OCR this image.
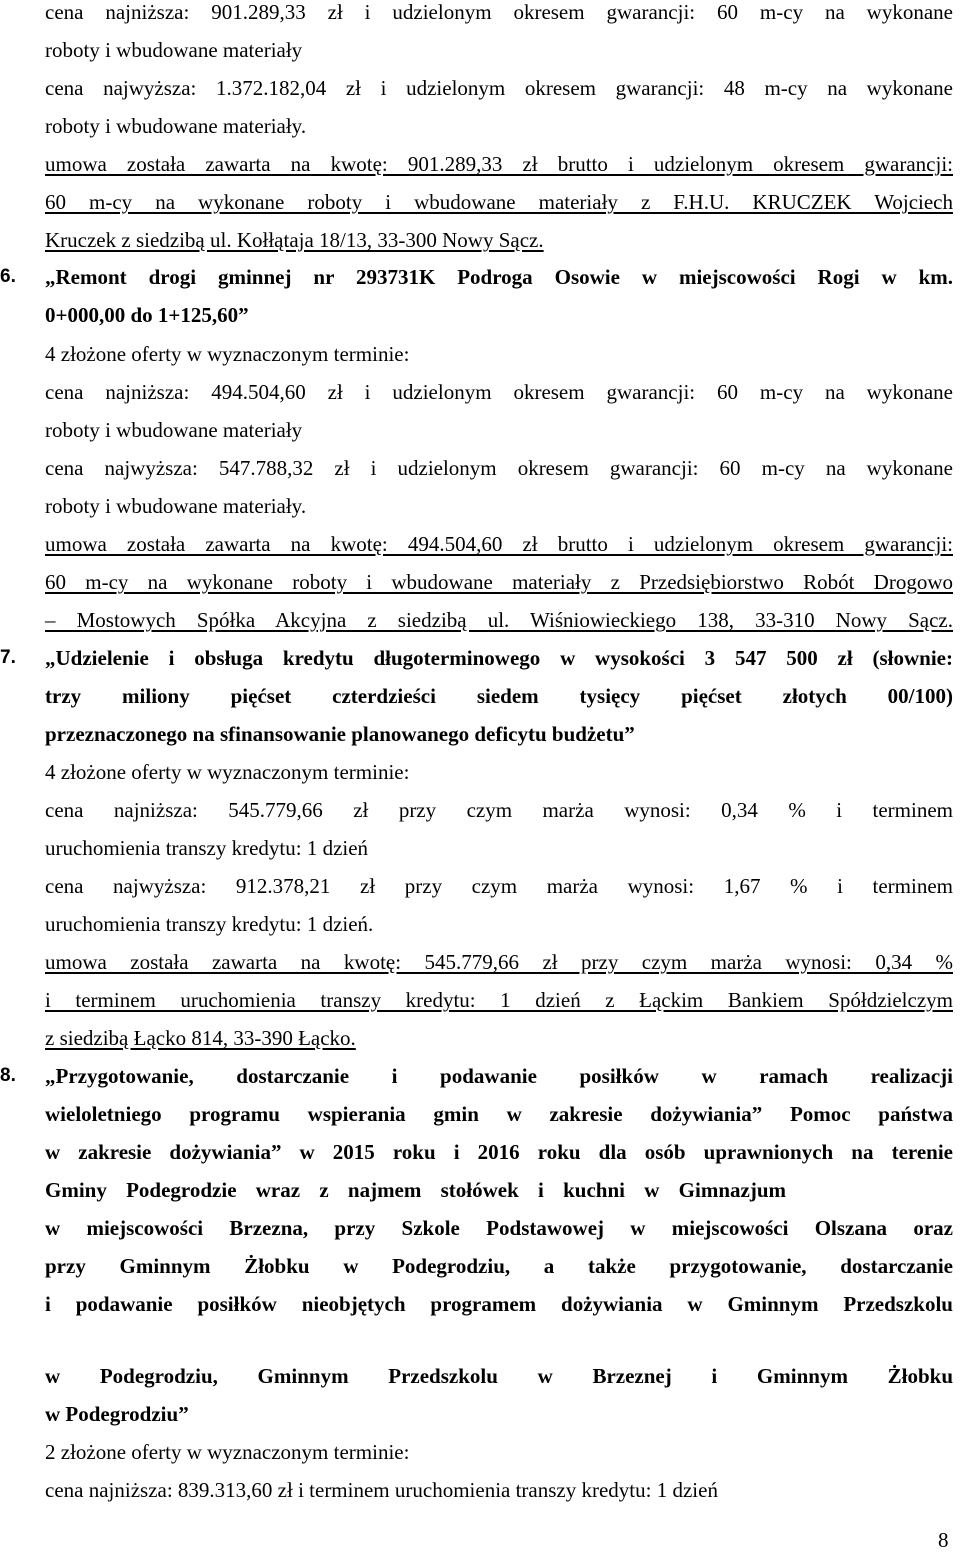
cena najniższa: 901.289,33 zł i udzielonym okresem gwarancji: 60 m-cy na wykonane
roboty i wbudowane materiały
cena najwyższa: 1.372.182,04 zł i udzielonym okresem gwarancji: 48 m-cy na wykonane
roboty i wbudowane materiały.
umowa została zawarta na kwotę: 901.289,33 zł brutto i udzielonym okresem gwarancji:
60 m-cy na wykonane roboty i wbudowane materiały z F.H.U. KRUCZEK Wojciech
Kruczek z siedzibą ul. Kołłątaja 18/13, 33-300 Nowy Sącz.
6.	„Remont drogi gminnej nr 293731K Podroga Osowie w miejscowości Rogi w km.
0+000,00 do 1+125,60”
4 złożone oferty w wyznaczonym terminie:
cena najniższa: 494.504,60 zł i udzielonym okresem gwarancji: 60 m-cy na wykonane
roboty i wbudowane materiały
cena najwyższa: 547.788,32 zł i udzielonym okresem gwarancji: 60 m-cy na wykonane
roboty i wbudowane materiały.
umowa została zawarta na kwotę: 494.504,60 zł brutto i udzielonym okresem gwarancji:
60 m-cy na wykonane roboty i wbudowane materiały z Przedsiębiorstwo Robót Drogowo
– Mostowych Spółka Akcyjna z siedzibą ul. Wiśniowieckiego 138, 33-310 Nowy Sącz.
7.	„Udzielenie i obsługa kredytu długoterminowego w wysokości 3 547 500 zł (słownie:
trzy miliony pięćset czterdzieści siedem tysięcy pięćset złotych 00/100)
przeznaczonego na sfinansowanie planowanego deficytu budżetu”
4 złożone oferty w wyznaczonym terminie:
cena najniższa: 545.779,66 zł przy czym marża wynosi: 0,34 % i terminem
uruchomienia transzy kredytu: 1 dzień
cena najwyższa: 912.378,21 zł przy czym marża wynosi: 1,67 % i terminem
uruchomienia transzy kredytu: 1 dzień.
umowa została zawarta na kwotę: 545.779,66 zł przy czym marża wynosi: 0,34 %
i terminem uruchomienia transzy kredytu: 1 dzień z Łąckim Bankiem Spółdzielczym
z siedzibą Łącko 814, 33-390 Łącko.
8.	„Przygotowanie, dostarczanie i podawanie posiłków w ramach realizacji
wieloletniego programu wspierania gmin w zakresie dożywiania” Pomoc państwa
w zakresie dożywiania” w 2015 roku i 2016 roku dla osób uprawnionych na terenie
Gminy Podegrodzie wraz z najmem stołówek i kuchni w Gimnazjum
w miejscowości Brzezna, przy Szkole Podstawowej w miejscowości Olszana oraz
przy Gminnym Żłobku w Podegrodziu, a także przygotowanie, dostarczanie
i podawanie posiłków nieobjętych programem dożywiania w Gminnym Przedszkolu
w Podegrodziu, Gminnym Przedszkolu w Brzeznej i Gminnym Żłobku
w Podegrodziu”
2 złożone oferty w wyznaczonym terminie:
cena najniższa: 839.313,60 zł i terminem uruchomienia transzy kredytu: 1 dzień
8
